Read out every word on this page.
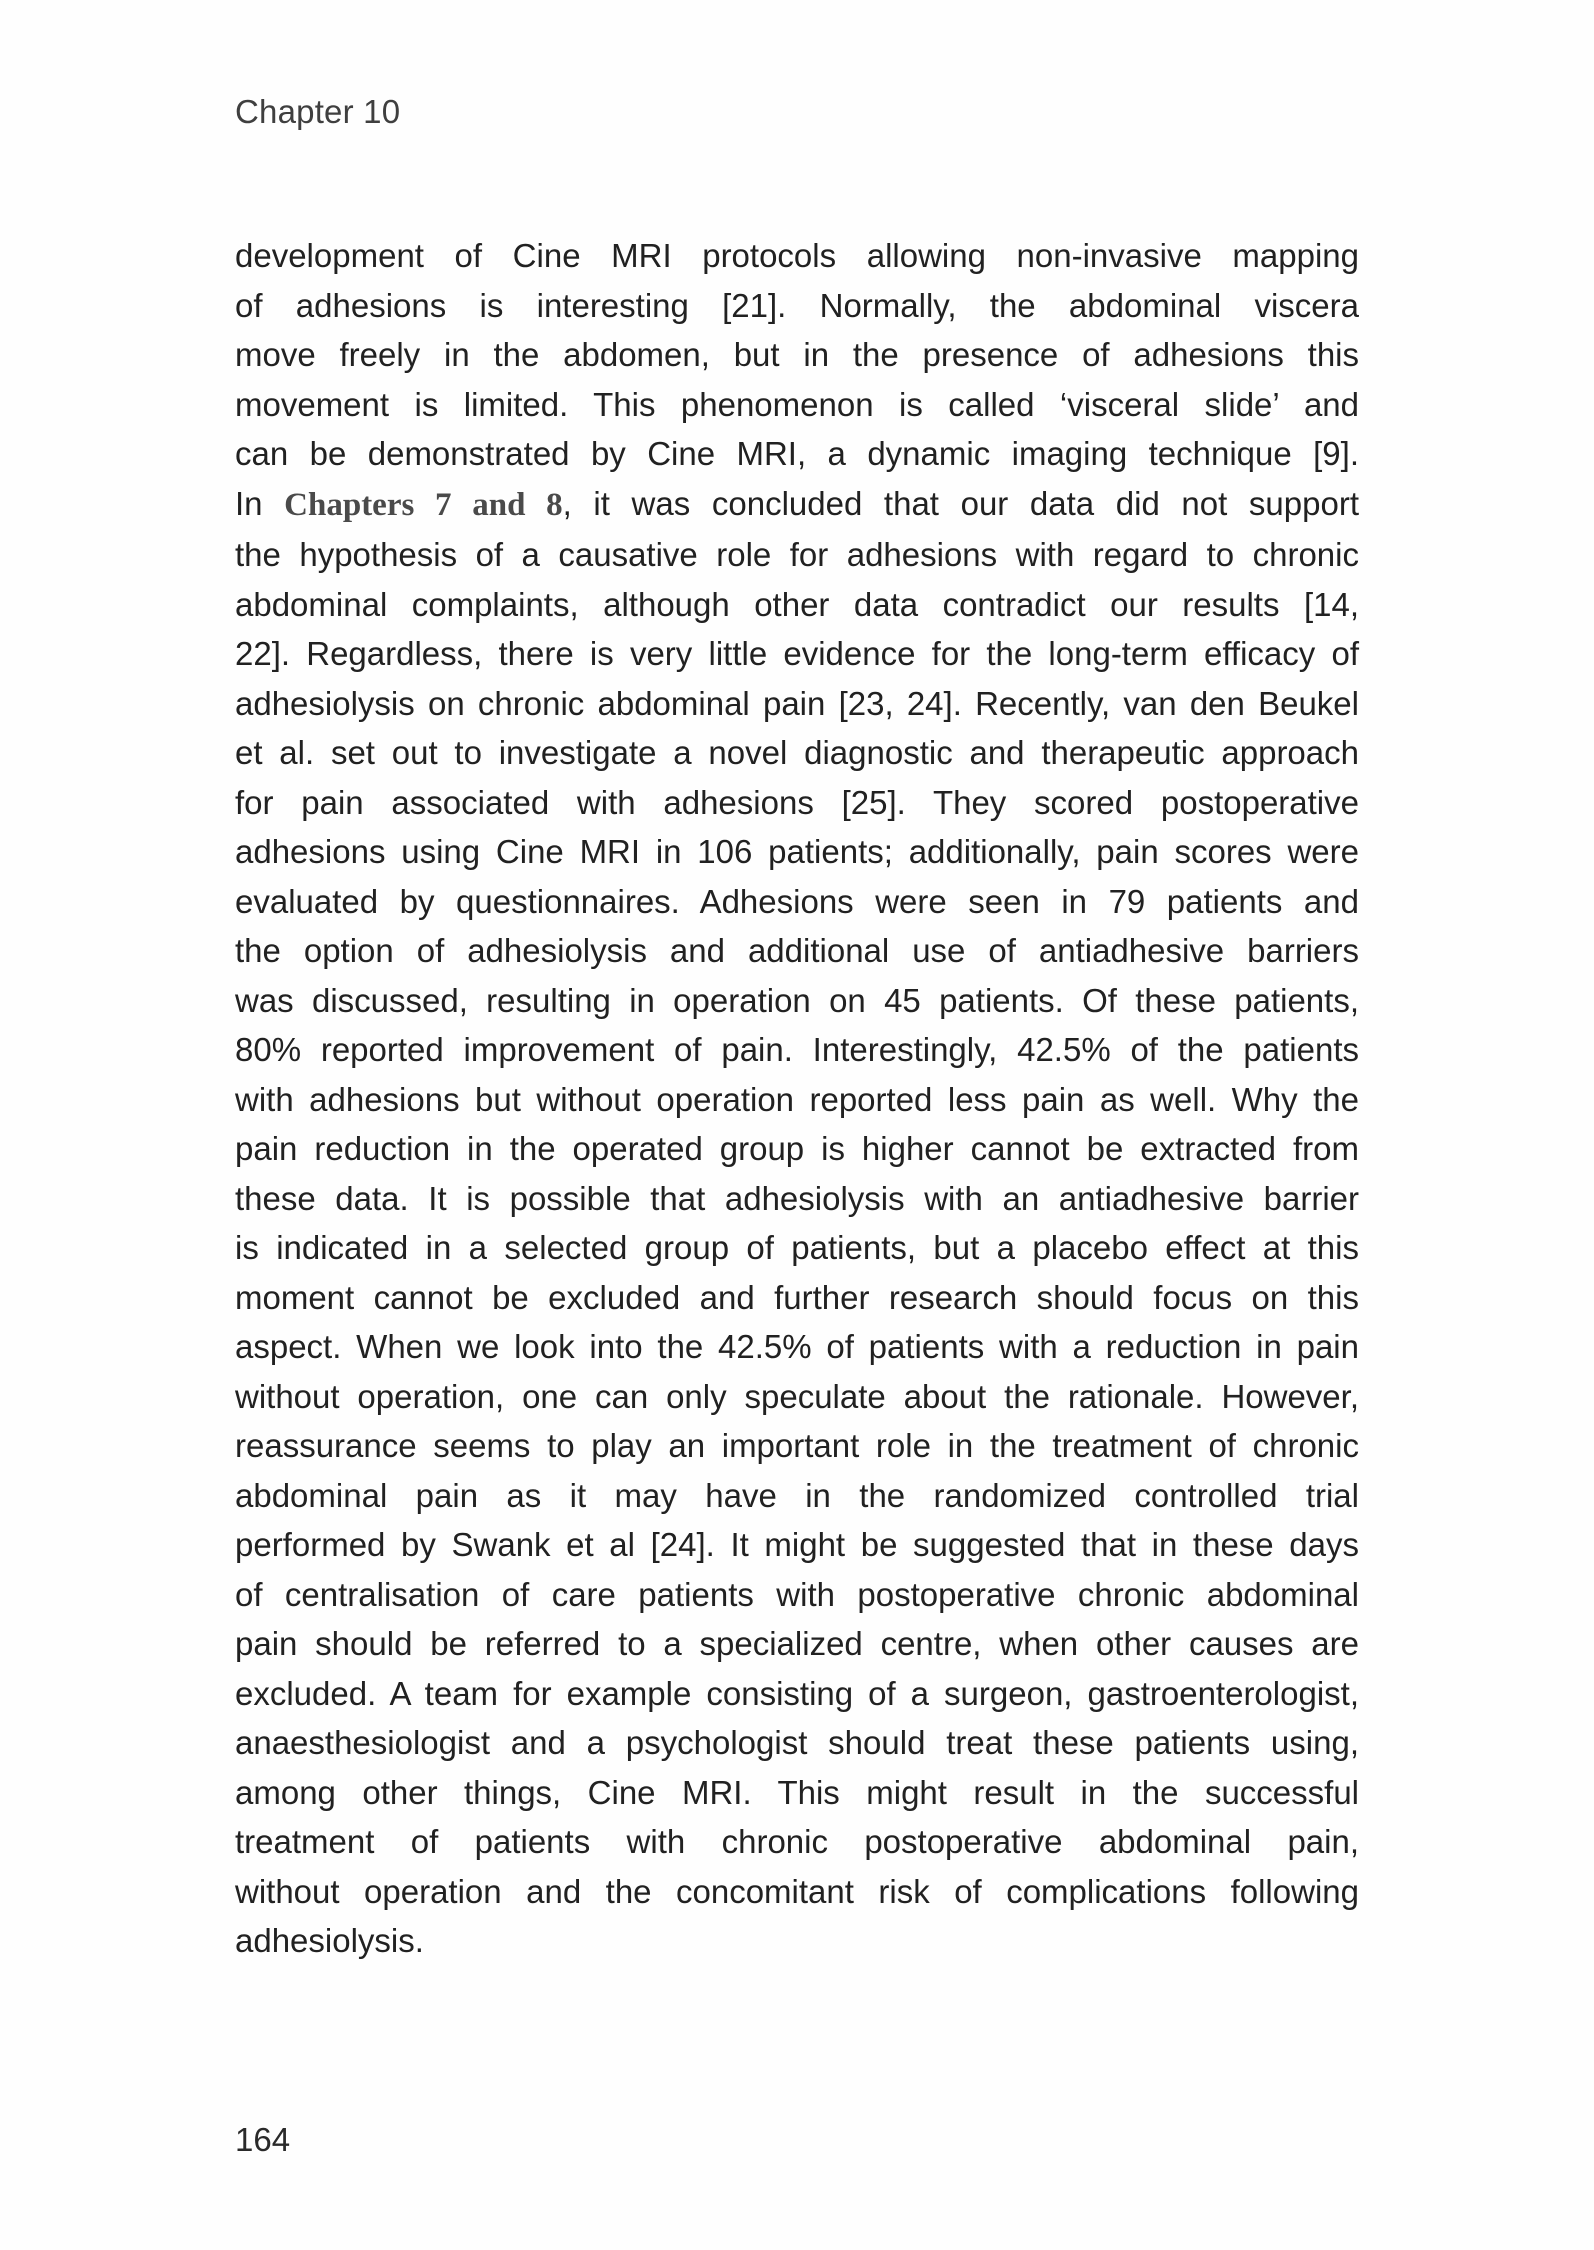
Chapter 10
development of Cine MRI protocols allowing non-invasive mapping
of adhesions is interesting [21]. Normally, the abdominal viscera
move freely in the abdomen, but in the presence of adhesions this
movement is limited. This phenomenon is called ‘visceral slide’ and
can be demonstrated by Cine MRI, a dynamic imaging technique [9].
In Chapters 7 and 8, it was concluded that our data did not support
the hypothesis of a causative role for adhesions with regard to chronic
abdominal complaints, although other data contradict our results [14,
22]. Regardless, there is very little evidence for the long-term efficacy of
adhesiolysis on chronic abdominal pain [23, 24]. Recently, van den Beukel
et al. set out to investigate a novel diagnostic and therapeutic approach
for pain associated with adhesions [25]. They scored postoperative
adhesions using Cine MRI in 106 patients; additionally, pain scores were
evaluated by questionnaires. Adhesions were seen in 79 patients and
the option of adhesiolysis and additional use of antiadhesive barriers
was discussed, resulting in operation on 45 patients. Of these patients,
80% reported improvement of pain. Interestingly, 42.5% of the patients
with adhesions but without operation reported less pain as well. Why the
pain reduction in the operated group is higher cannot be extracted from
these data. It is possible that adhesiolysis with an antiadhesive barrier
is indicated in a selected group of patients, but a placebo effect at this
moment cannot be excluded and further research should focus on this
aspect. When we look into the 42.5% of patients with a reduction in pain
without operation, one can only speculate about the rationale. However,
reassurance seems to play an important role in the treatment of chronic
abdominal pain as it may have in the randomized controlled trial
performed by Swank et al [24]. It might be suggested that in these days
of centralisation of care patients with postoperative chronic abdominal
pain should be referred to a specialized centre, when other causes are
excluded. A team for example consisting of a surgeon, gastroenterologist,
anaesthesiologist and a psychologist should treat these patients using,
among other things, Cine MRI. This might result in the successful
treatment of patients with chronic postoperative abdominal pain,
without operation and the concomitant risk of complications following
adhesiolysis.
164
